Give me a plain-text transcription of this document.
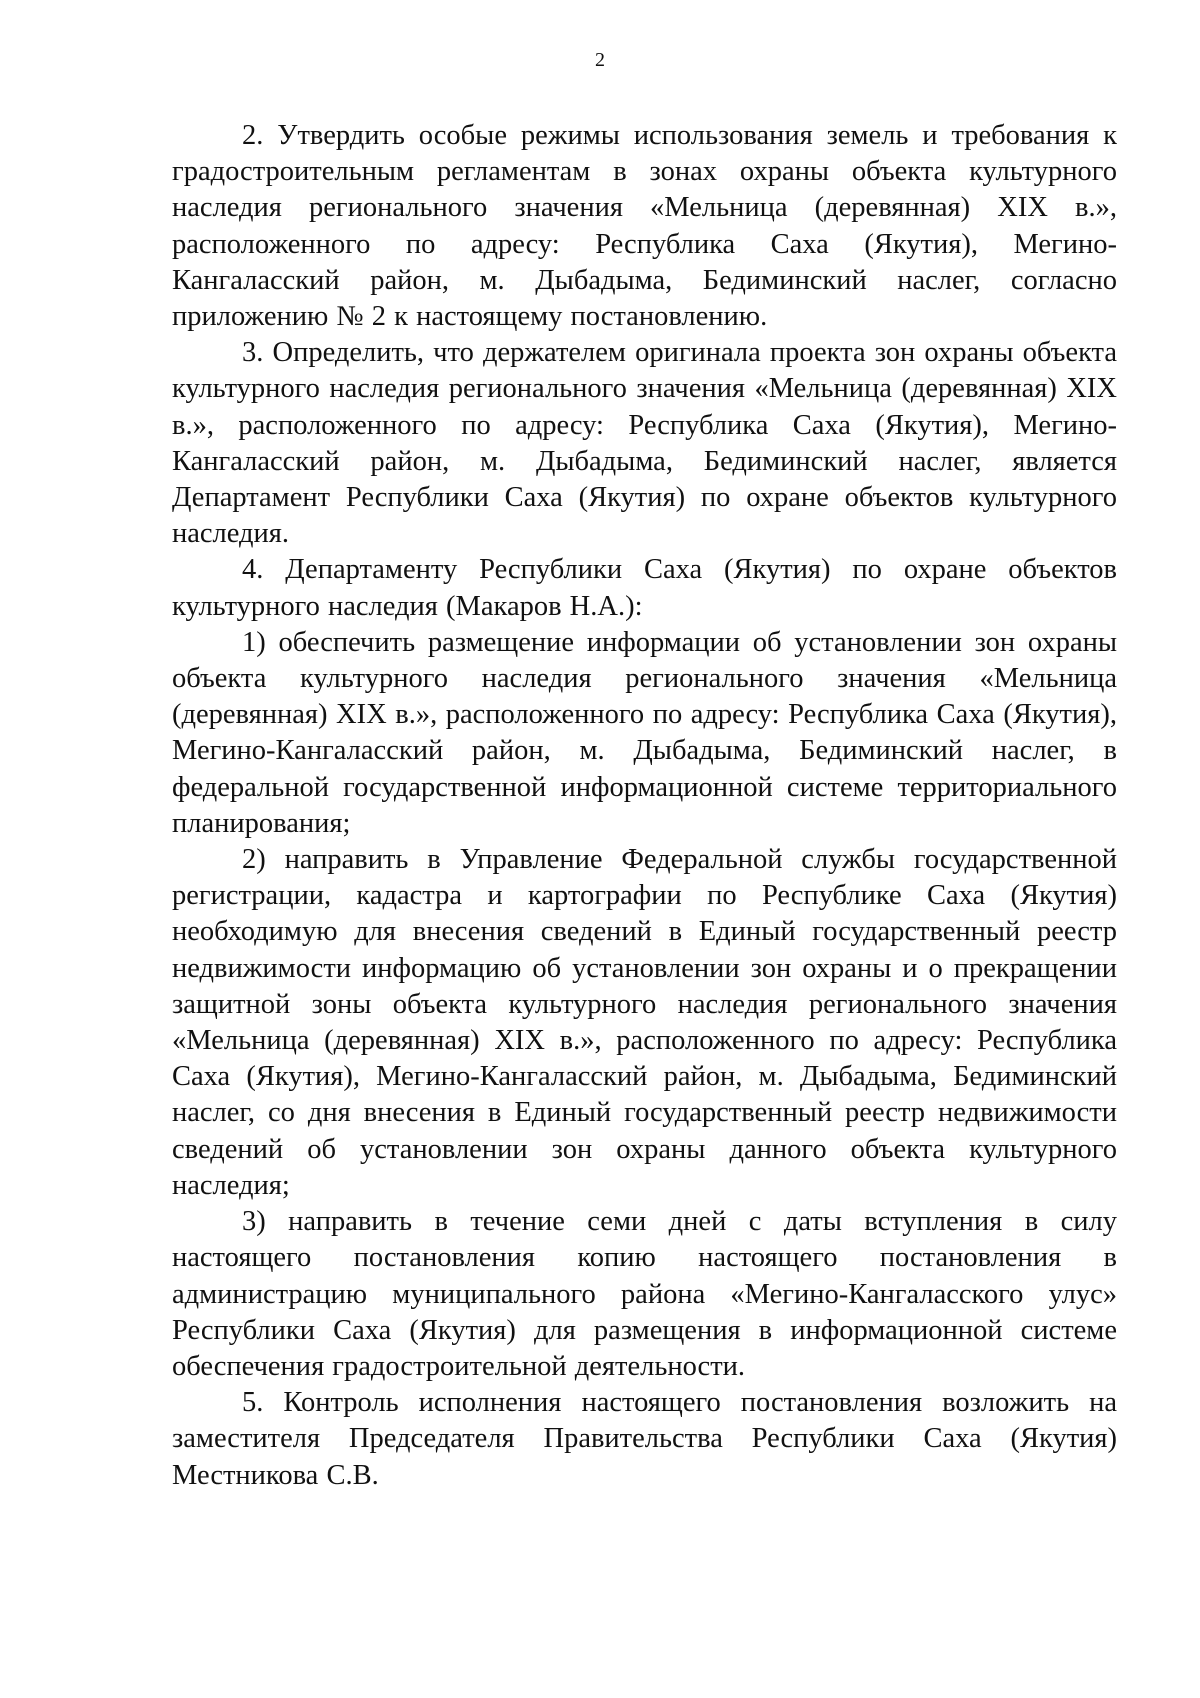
2

2. Утвердить особые режимы использования земель и требования к градостроительным регламентам в зонах охраны объекта культурного наследия регионального значения «Мельница (деревянная) XIX в.», расположенного по адресу: Республика Саха (Якутия), Мегино-Кангаласский район, м. Дыбадыма, Бедиминский наслег, согласно приложению № 2 к настоящему постановлению.

3. Определить, что держателем оригинала проекта зон охраны объекта культурного наследия регионального значения «Мельница (деревянная) XIX в.», расположенного по адресу: Республика Саха (Якутия), Мегино-Кангаласский район, м. Дыбадыма, Бедиминский наслег, является Департамент Республики Саха (Якутия) по охране объектов культурного наследия.

4. Департаменту Республики Саха (Якутия) по охране объектов культурного наследия (Макаров Н.А.):

1) обеспечить размещение информации об установлении зон охраны объекта культурного наследия регионального значения «Мельница (деревянная) XIX в.», расположенного по адресу: Республика Саха (Якутия), Мегино-Кангаласский район, м. Дыбадыма, Бедиминский наслег, в федеральной государственной информационной системе территориального планирования;

2) направить в Управление Федеральной службы государственной регистрации, кадастра и картографии по Республике Саха (Якутия) необходимую для внесения сведений в Единый государственный реестр недвижимости информацию об установлении зон охраны и о прекращении защитной зоны объекта культурного наследия регионального значения «Мельница (деревянная) XIX в.», расположенного по адресу: Республика Саха (Якутия), Мегино-Кангаласский район, м. Дыбадыма, Бедиминский наслег, со дня внесения в Единый государственный реестр недвижимости сведений об установлении зон охраны данного объекта культурного наследия;

3) направить в течение семи дней с даты вступления в силу настоящего постановления копию настоящего постановления в администрацию муниципального района «Мегино-Кангаласского улус» Республики Саха (Якутия) для размещения в информационной системе обеспечения градостроительной деятельности.

5. Контроль исполнения настоящего постановления возложить на заместителя Председателя Правительства Республики Саха (Якутия) Местникова С.В.
